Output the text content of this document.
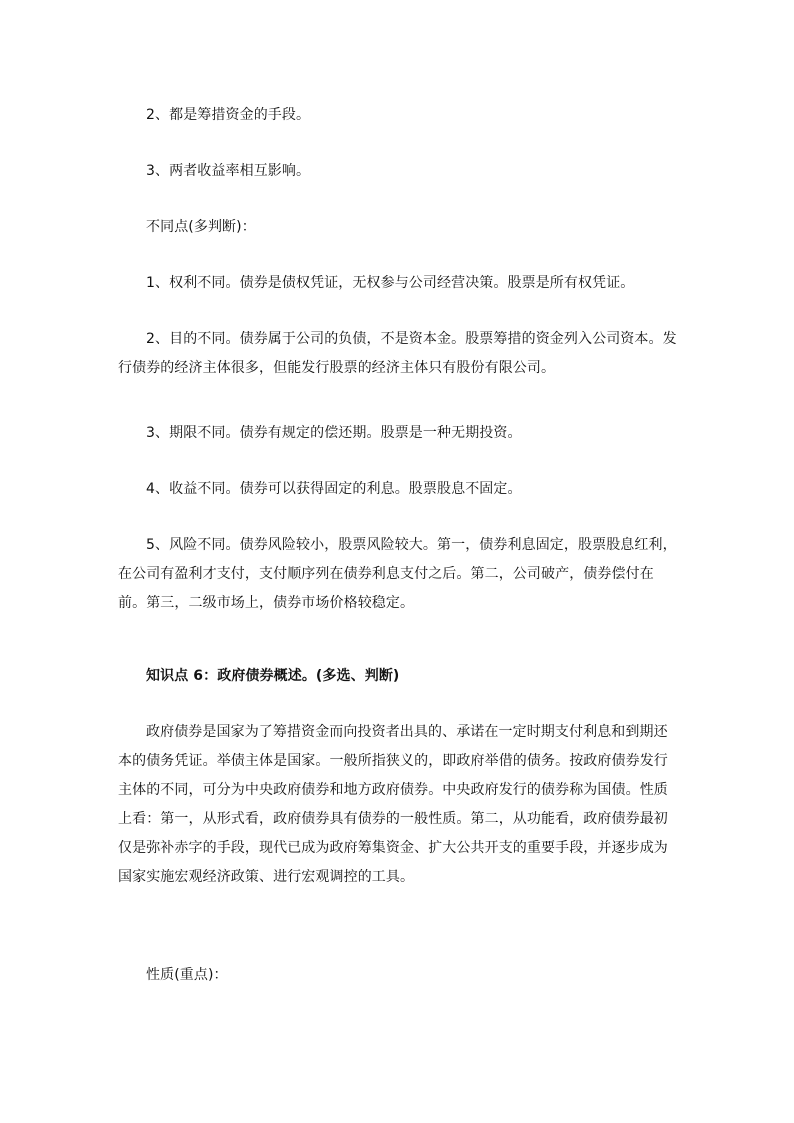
2、都是筹措资金的手段。

3、两者收益率相互影响。

不同点(多判断)：

1、权利不同。债券是债权凭证，无权参与公司经营决策。股票是所有权凭证。

2、目的不同。债券属于公司的负债，不是资本金。股票筹措的资金列入公司资本。发行债券的经济主体很多，但能发行股票的经济主体只有股份有限公司。

3、期限不同。债券有规定的偿还期。股票是一种无期投资。

4、收益不同。债券可以获得固定的利息。股票股息不固定。

5、风险不同。债券风险较小，股票风险较大。第一，债券利息固定，股票股息红利，在公司有盈利才支付，支付顺序列在债券利息支付之后。第二，公司破产，债券偿付在前。第三，二级市场上，债券市场价格较稳定。

知识点 6：政府债券概述。(多选、判断)

政府债券是国家为了筹措资金而向投资者出具的、承诺在一定时期支付利息和到期还本的债务凭证。举债主体是国家。一般所指狭义的，即政府举借的债务。按政府债券发行主体的不同，可分为中央政府债券和地方政府债券。中央政府发行的债券称为国债。性质上看：第一，从形式看，政府债券具有债券的一般性质。第二，从功能看，政府债券最初仅是弥补赤字的手段，现代已成为政府筹集资金、扩大公共开支的重要手段，并逐步成为国家实施宏观经济政策、进行宏观调控的工具。

性质(重点)：
